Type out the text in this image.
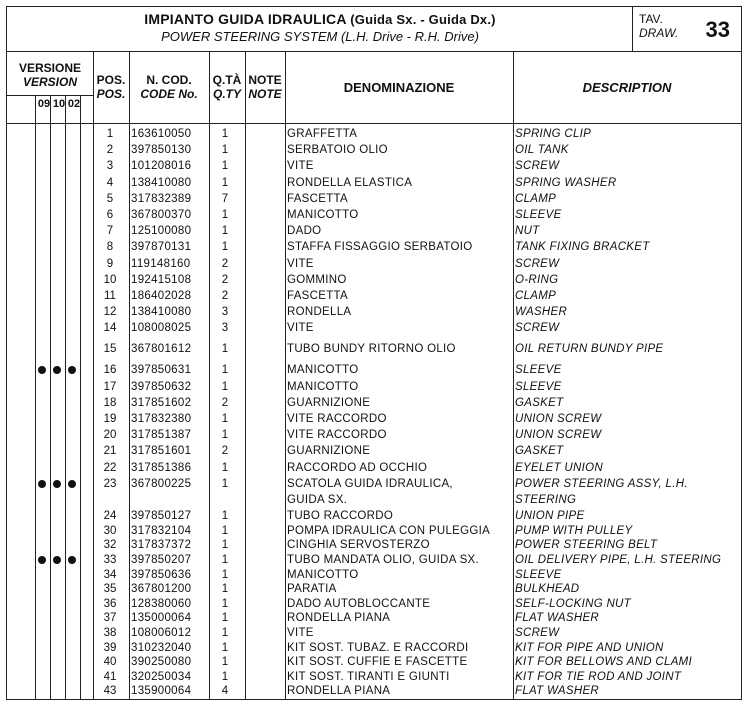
IMPIANTO GUIDA IDRAULICA (Guida Sx. - Guida Dx.)
POWER STEERING SYSTEM (L.H. Drive - R.H. Drive)
TAV.
DRAW. 33
VERSIONE
VERSION
09 10 02
POS.
POS.
N. COD.
CODE No.
Q.TÀ
Q.TY
NOTE
NOTE	DENOMINAZIONE	DESCRIPTION
1	163610050	1	GRAFFETTA	SPRING CLIP
2	397850130	1	SERBATOIO OLIO	OIL TANK
3	101208016	1	VITE	SCREW
4	138410080	1	RONDELLA ELASTICA	SPRING WASHER
5	317832389	7	FASCETTA	CLAMP
6	367800370	1	MANICOTTO	SLEEVE
7	125100080	1	DADO	NUT
8	397870131	1	STAFFA FISSAGGIO SERBATOIO	TANK FIXING BRACKET
9	119148160	2	VITE	SCREW
10	192415108	2	GOMMINO	O-RING
11	186402028	2	FASCETTA	CLAMP
12	138410080	3	RONDELLA	WASHER
14	108008025	3	VITE	SCREW
15	367801612	1	TUBO BUNDY RITORNO OLIO	OIL RETURN BUNDY PIPE
16	397850631	1	MANICOTTO	SLEEVE
17	397850632	1	MANICOTTO	SLEEVE
18	317851602	2	GUARNIZIONE	GASKET
19	317832380	1	VITE RACCORDO	UNION SCREW
20	317851387	1	VITE RACCORDO	UNION SCREW
21	317851601	2	GUARNIZIONE	GASKET
22	317851386	1	RACCORDO AD OCCHIO	EYELET UNION
23	367800225	1	SCATOLA GUIDA IDRAULICA,	POWER STEERING ASSY, L.H.
GUIDA SX.	STEERING
24	397850127	1	TUBO RACCORDO	UNION PIPE
30	317832104	1	POMPA IDRAULICA CON PULEGGIA	PUMP WITH PULLEY
32	317837372	1	CINGHIA SERVOSTERZO	POWER STEERING BELT
33	397850207	1	TUBO MANDATA OLIO, GUIDA SX.	OIL DELIVERY PIPE, L.H. STEERING
34	397850636	1	MANICOTTO	SLEEVE
35	367801200	1	PARATIA	BULKHEAD
36	128380060	1	DADO AUTOBLOCCANTE	SELF-LOCKING NUT
37	135000064	1	RONDELLA PIANA	FLAT WASHER
38	108006012	1	VITE	SCREW
39	310232040	1	KIT SOST. TUBAZ. E RACCORDI	KIT FOR PIPE AND UNION
40	390250080	1	KIT SOST. CUFFIE E FASCETTE	KIT FOR BELLOWS AND CLAMI
41	320250034	1	KIT SOST. TIRANTI E GIUNTI	KIT FOR TIE ROD AND JOINT
43	135900064	4	RONDELLA PIANA	FLAT WASHER
